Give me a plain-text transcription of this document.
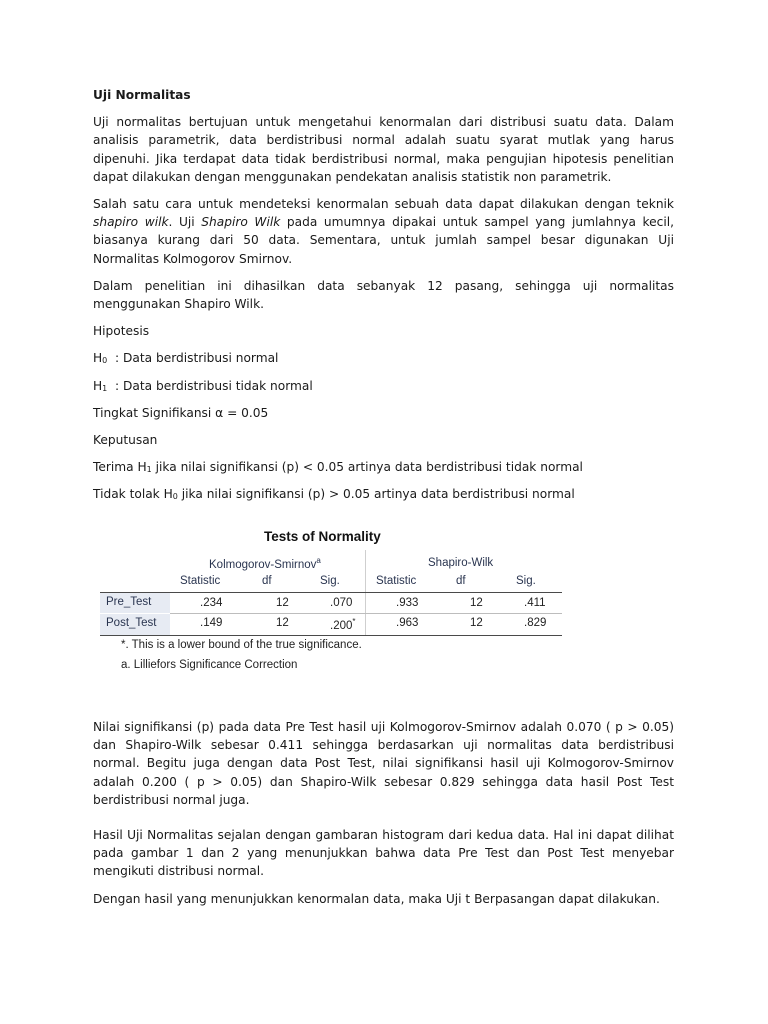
Uji Normalitas

Uji normalitas bertujuan untuk mengetahui kenormalan dari distribusi suatu data. Dalam analisis parametrik, data berdistribusi normal adalah suatu syarat mutlak yang harus dipenuhi. Jika terdapat data tidak berdistribusi normal, maka pengujian hipotesis penelitian dapat dilakukan dengan menggunakan pendekatan analisis statistik non parametrik.

Salah satu cara untuk mendeteksi kenormalan sebuah data dapat dilakukan dengan teknik shapiro wilk. Uji Shapiro Wilk pada umumnya dipakai untuk sampel yang jumlahnya kecil, biasanya kurang dari 50 data. Sementara, untuk jumlah sampel besar digunakan Uji Normalitas Kolmogorov Smirnov.

Dalam penelitian ini dihasilkan data sebanyak 12 pasang, sehingga uji normalitas menggunakan Shapiro Wilk.

Hipotesis

$H_0$  : Data berdistribusi normal

$H_1$  : Data berdistribusi tidak normal

Tingkat Signifikansi α = 0.05

Keputusan

Terima $H_1$ jika nilai signifikansi (p) < 0.05 artinya data berdistribusi tidak normal

Tidak tolak $H_0$ jika nilai signifikansi (p) > 0.05 artinya data berdistribusi normal

Tests of Normality
Kolmogorov-Smirnov$^a$	Shapiro-Wilk
Statistic	df	Sig.	Statistic	df	Sig.
Pre_Test	.234	12	.070	.933	12	.411
Post_Test	.149	12	.200*	.963	12	.829
*. This is a lower bound of the true significance.
a. Lilliefors Significance Correction

Nilai signifikansi (p) pada data Pre Test hasil uji Kolmogorov-Smirnov adalah 0.070 ( p > 0.05) dan Shapiro-Wilk sebesar 0.411 sehingga berdasarkan uji normalitas data berdistribusi normal. Begitu juga dengan data Post Test, nilai signifikansi hasil uji Kolmogorov-Smirnov adalah 0.200 ( p > 0.05) dan Shapiro-Wilk sebesar 0.829 sehingga data hasil Post Test berdistribusi normal juga.

Hasil Uji Normalitas sejalan dengan gambaran histogram dari kedua data. Hal ini dapat dilihat pada gambar 1 dan 2 yang menunjukkan bahwa data Pre Test dan Post Test menyebar mengikuti distribusi normal.

Dengan hasil yang menunjukkan kenormalan data, maka Uji t Berpasangan dapat dilakukan.
